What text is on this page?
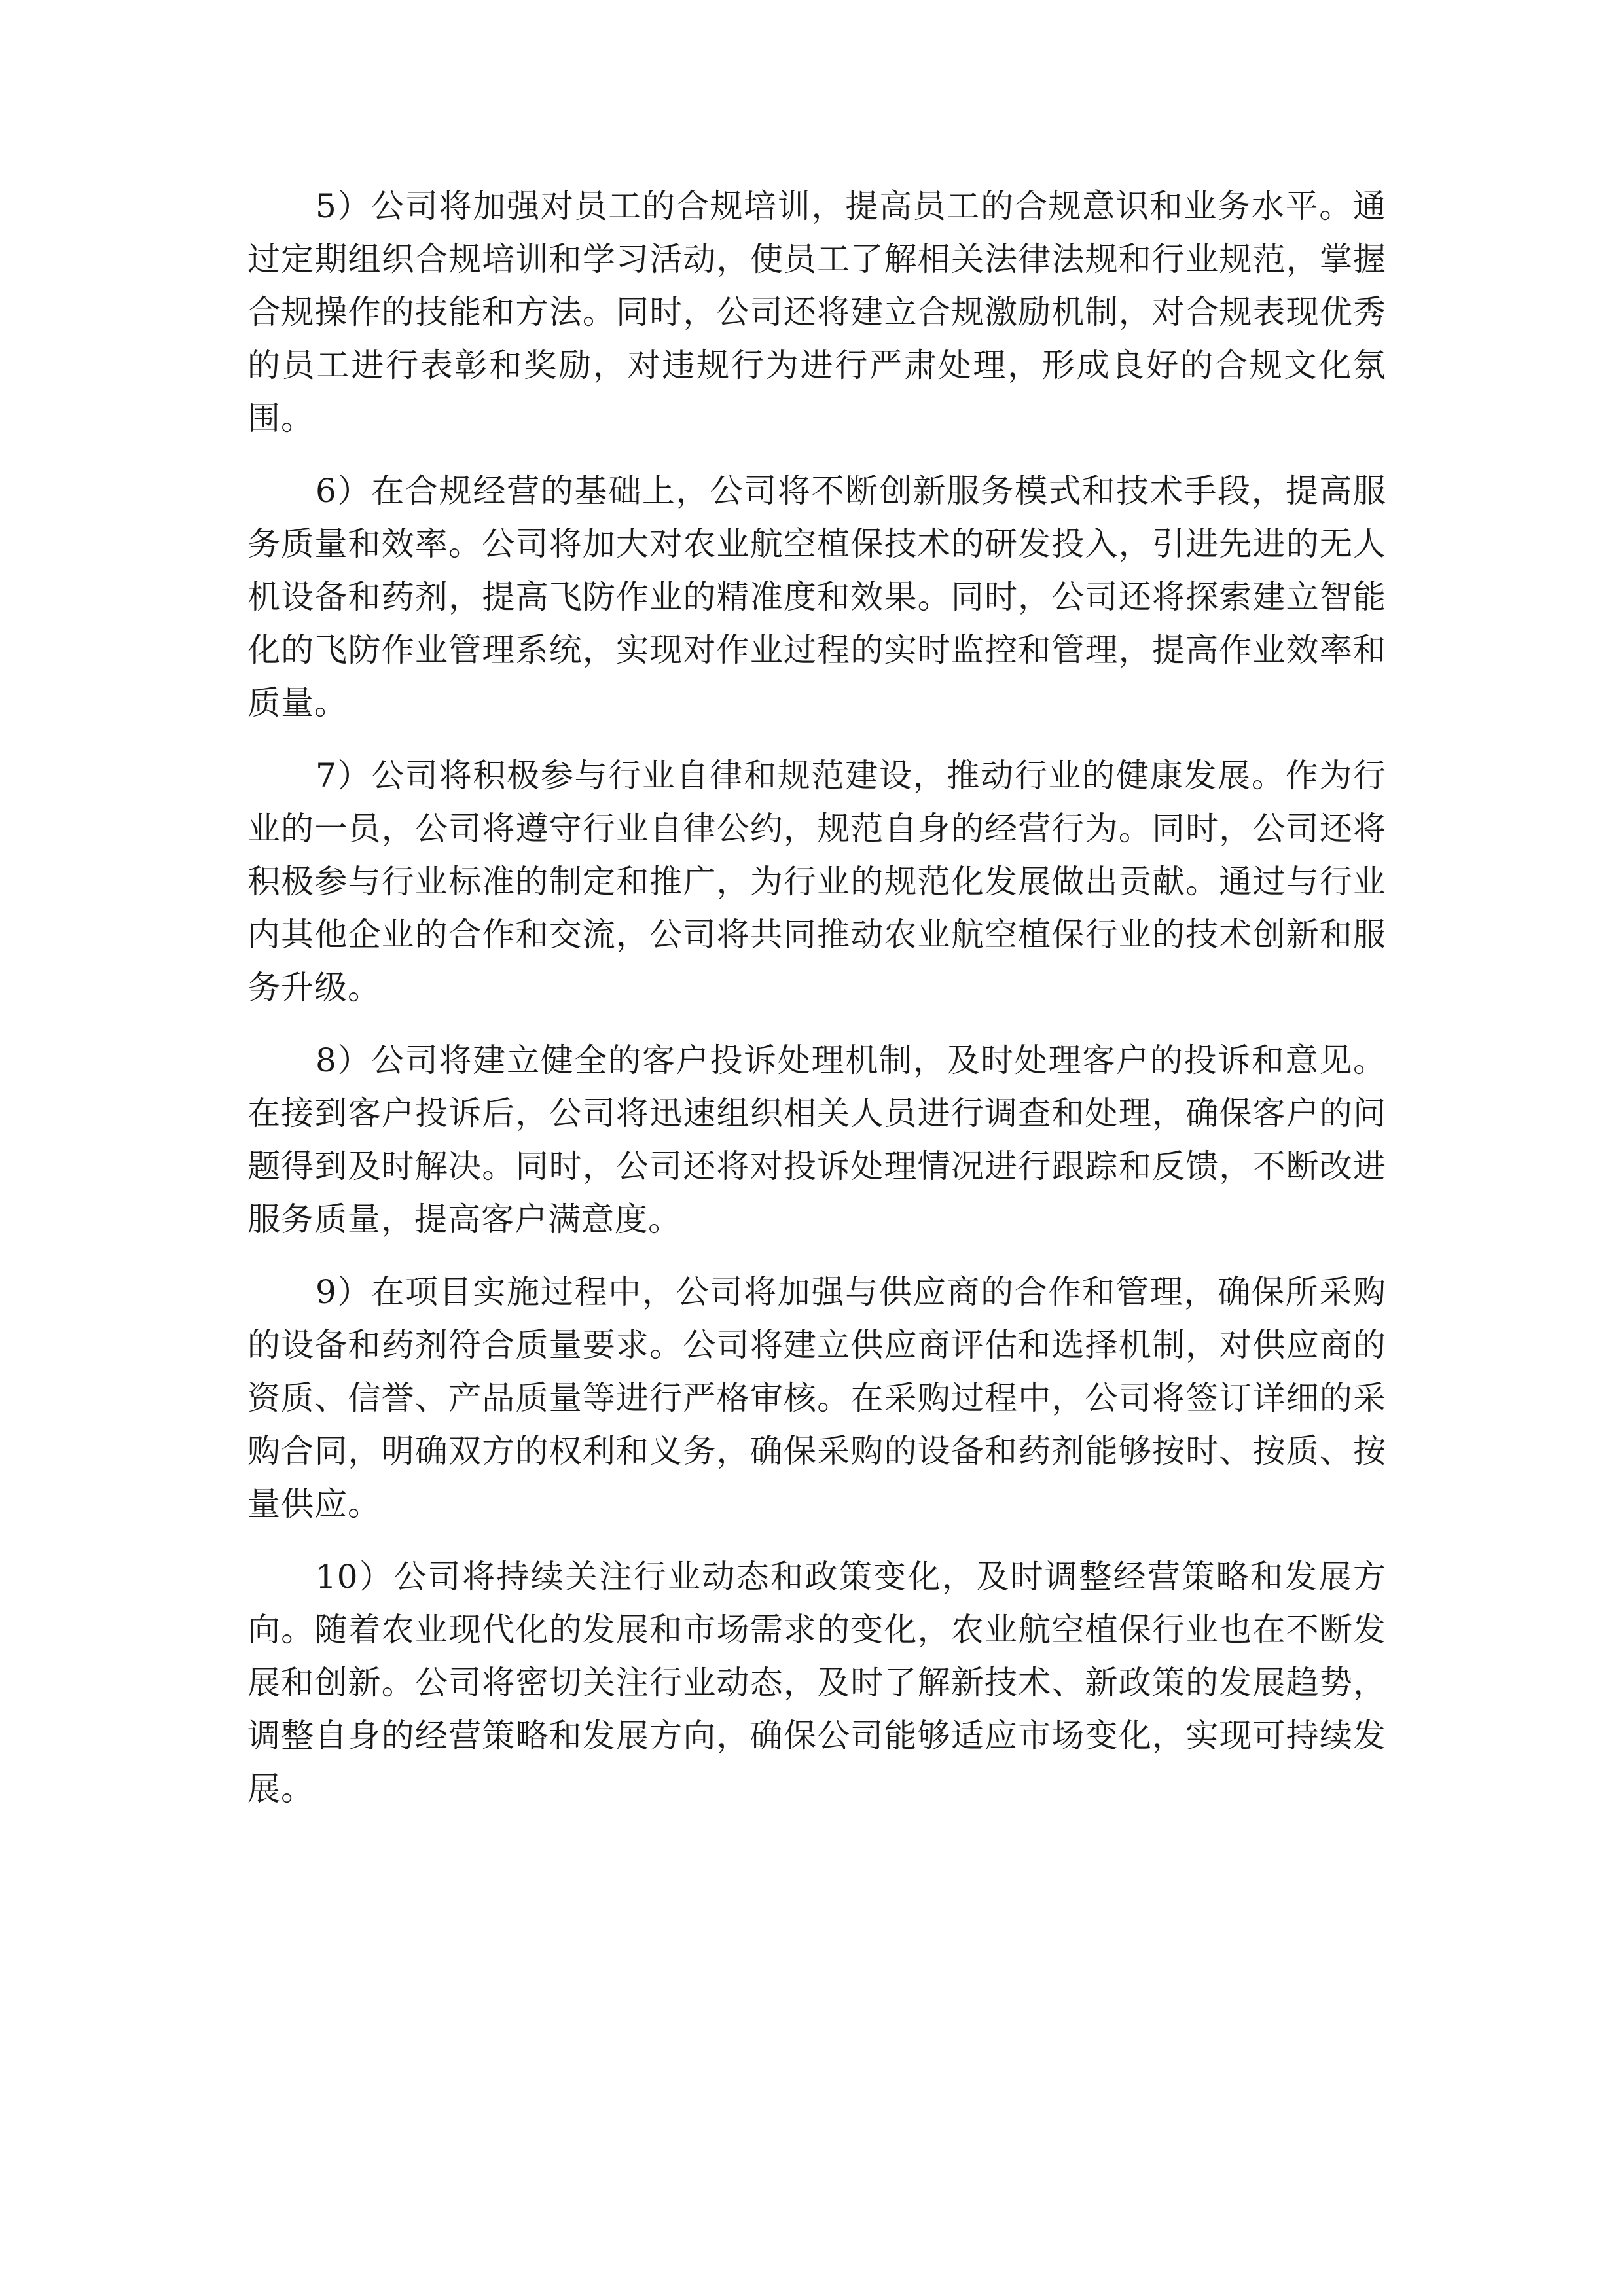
5）公司将加强对员工的合规培训，提高员工的合规意识和业务水平。通过定期组织合规培训和学习活动，使员工了解相关法律法规和行业规范，掌握合规操作的技能和方法。同时，公司还将建立合规激励机制，对合规表现优秀的员工进行表彰和奖励，对违规行为进行严肃处理，形成良好的合规文化氛围。

6）在合规经营的基础上，公司将不断创新服务模式和技术手段，提高服务质量和效率。公司将加大对农业航空植保技术的研发投入，引进先进的无人机设备和药剂，提高飞防作业的精准度和效果。同时，公司还将探索建立智能化的飞防作业管理系统，实现对作业过程的实时监控和管理，提高作业效率和质量。

7）公司将积极参与行业自律和规范建设，推动行业的健康发展。作为行业的一员，公司将遵守行业自律公约，规范自身的经营行为。同时，公司还将积极参与行业标准的制定和推广，为行业的规范化发展做出贡献。通过与行业内其他企业的合作和交流，公司将共同推动农业航空植保行业的技术创新和服务升级。

8）公司将建立健全的客户投诉处理机制，及时处理客户的投诉和意见。在接到客户投诉后，公司将迅速组织相关人员进行调查和处理，确保客户的问题得到及时解决。同时，公司还将对投诉处理情况进行跟踪和反馈，不断改进服务质量，提高客户满意度。

9）在项目实施过程中，公司将加强与供应商的合作和管理，确保所采购的设备和药剂符合质量要求。公司将建立供应商评估和选择机制，对供应商的资质、信誉、产品质量等进行严格审核。在采购过程中，公司将签订详细的采购合同，明确双方的权利和义务，确保采购的设备和药剂能够按时、按质、按量供应。

10）公司将持续关注行业动态和政策变化，及时调整经营策略和发展方向。随着农业现代化的发展和市场需求的变化，农业航空植保行业也在不断发展和创新。公司将密切关注行业动态，及时了解新技术、新政策的发展趋势，调整自身的经营策略和发展方向，确保公司能够适应市场变化，实现可持续发展。
